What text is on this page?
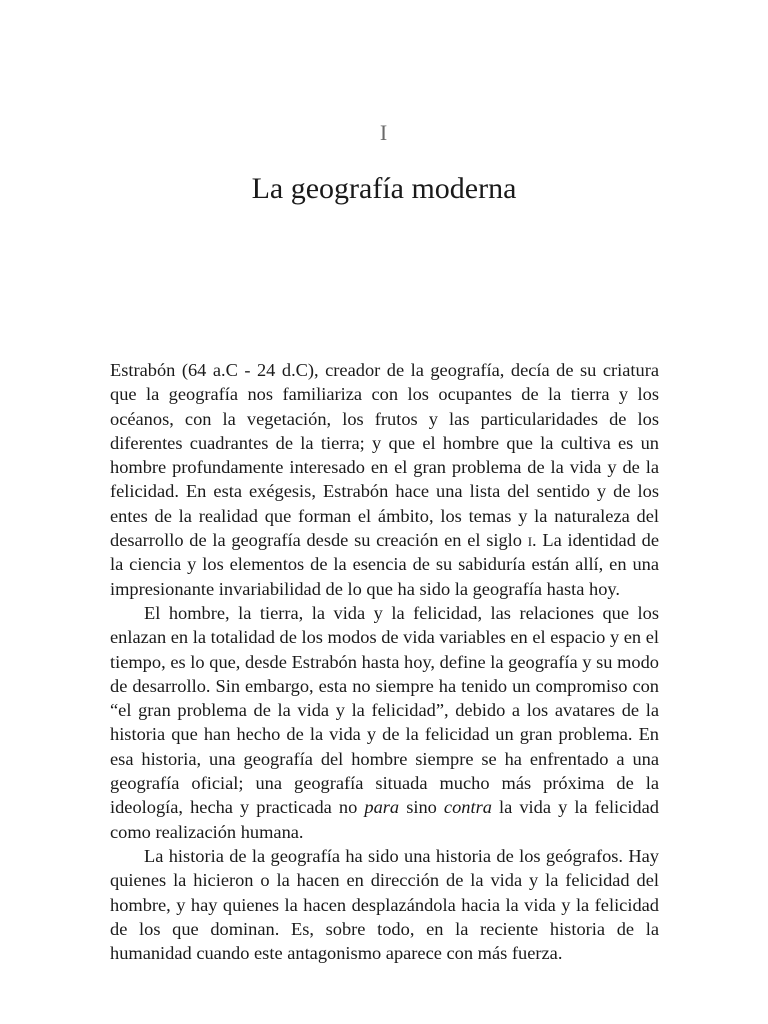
I
La geografía moderna

Estrabón (64 a.C - 24 d.C), creador de la geografía, decía de su criatura que la geografía nos familiariza con los ocupantes de la tierra y los océanos, con la vegetación, los frutos y las particularidades de los diferentes cuadrantes de la tierra; y que el hombre que la cultiva es un hombre profundamente interesado en el gran problema de la vida y de la felicidad. En esta exégesis, Estrabón hace una lista del sentido y de los entes de la realidad que forman el ámbito, los temas y la naturaleza del desarrollo de la geografía desde su creación en el siglo i. La identidad de la ciencia y los elementos de la esencia de su sabiduría están allí, en una impresionante invariabilidad de lo que ha sido la geografía hasta hoy.

El hombre, la tierra, la vida y la felicidad, las relaciones que los enlazan en la totalidad de los modos de vida variables en el espacio y en el tiempo, es lo que, desde Estrabón hasta hoy, define la geografía y su modo de desarrollo. Sin embargo, esta no siempre ha tenido un compromiso con “el gran problema de la vida y la felicidad”, debido a los avatares de la historia que han hecho de la vida y de la felicidad un gran problema. En esa historia, una geografía del hombre siempre se ha enfrentado a una geografía oficial; una geografía situada mucho más próxima de la ideología, hecha y practicada no para sino contra la vida y la felicidad como realización humana.

La historia de la geografía ha sido una historia de los geógrafos. Hay quienes la hicieron o la hacen en dirección de la vida y la felicidad del hombre, y hay quienes la hacen desplazándola hacia la vida y la felicidad de los que dominan. Es, sobre todo, en la reciente historia de la humanidad cuando este antagonismo aparece con más fuerza.
